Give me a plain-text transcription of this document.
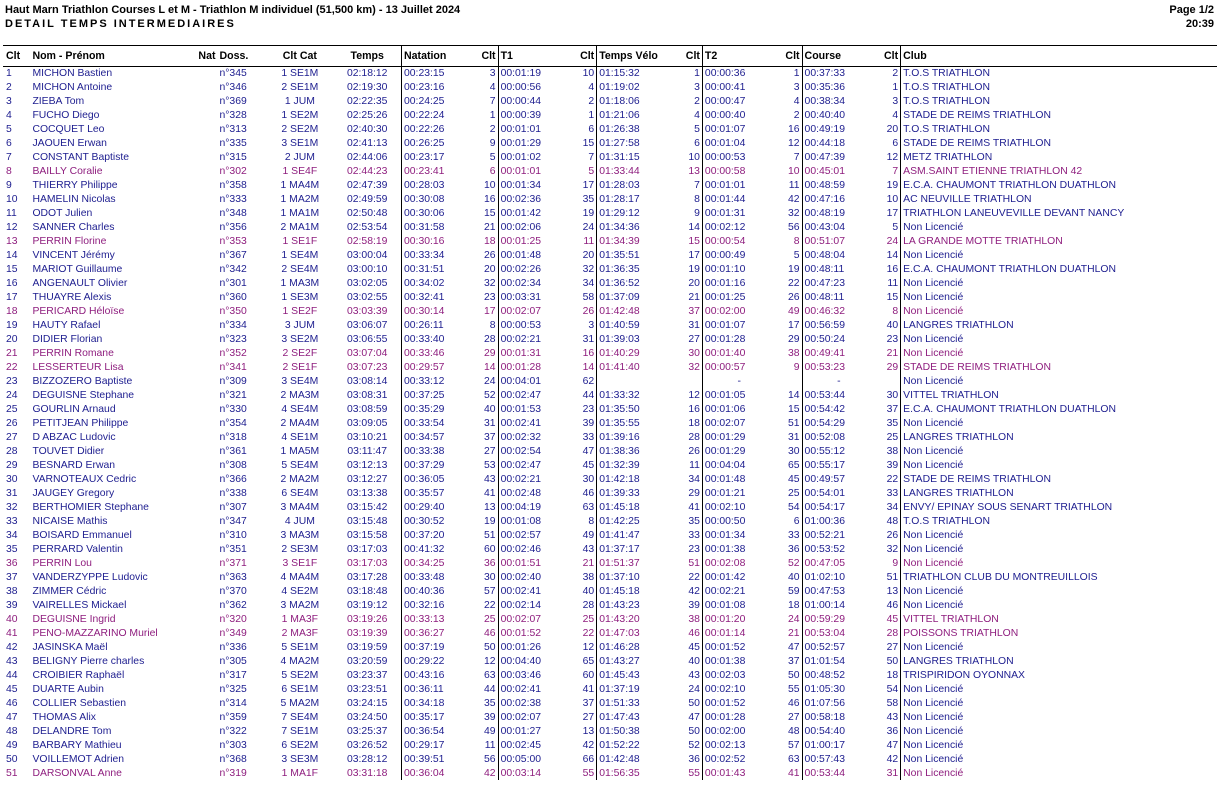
Haut Marn Triathlon Courses L et M - Triathlon M individuel (51,500 km) - 13 Juillet 2024
DETAIL TEMPS INTERMEDIAIRES
Page 1/2
20:39
Clt	Nom - Prénom	Nat	Doss.	Clt Cat	Temps	Natation	Clt	T1	Clt	Temps Vélo	Clt	T2	Clt	Course	Clt	Club
1	MICHON Bastien		n°345	1 SE1M	02:18:12	00:23:15	3	00:01:19	10	01:15:32	1	00:00:36	1	00:37:33	2	T.O.S TRIATHLON
2	MICHON Antoine		n°346	2 SE1M	02:19:30	00:23:16	4	00:00:56	4	01:19:02	3	00:00:41	3	00:35:36	1	T.O.S TRIATHLON
3	ZIEBA Tom		n°369	1 JUM	02:22:35	00:24:25	7	00:00:44	2	01:18:06	2	00:00:47	4	00:38:34	3	T.O.S TRIATHLON
4	FUCHO Diego		n°328	1 SE2M	02:25:26	00:22:24	1	00:00:39	1	01:21:06	4	00:00:40	2	00:40:40	4	STADE DE REIMS TRIATHLON
5	COCQUET Leo		n°313	2 SE2M	02:40:30	00:22:26	2	00:01:01	6	01:26:38	5	00:01:07	16	00:49:19	20	T.O.S TRIATHLON
6	JAOUEN Erwan		n°335	3 SE1M	02:41:13	00:26:25	9	00:01:29	15	01:27:58	6	00:01:04	12	00:44:18	6	STADE DE REIMS TRIATHLON
7	CONSTANT Baptiste		n°315	2 JUM	02:44:06	00:23:17	5	00:01:02	7	01:31:15	10	00:00:53	7	00:47:39	12	METZ TRIATHLON
8	BAILLY Coralie		n°302	1 SE4F	02:44:23	00:23:41	6	00:01:01	5	01:33:44	13	00:00:58	10	00:45:01	7	ASM.SAINT ETIENNE TRIATHLON 42
9	THIERRY Philippe		n°358	1 MA4M	02:47:39	00:28:03	10	00:01:34	17	01:28:03	7	00:01:01	11	00:48:59	19	E.C.A. CHAUMONT TRIATHLON DUATHLON
10	HAMELIN Nicolas		n°333	1 MA2M	02:49:59	00:30:08	16	00:02:36	35	01:28:17	8	00:01:44	42	00:47:16	10	AC NEUVILLE TRIATHLON
11	ODOT Julien		n°348	1 MA1M	02:50:48	00:30:06	15	00:01:42	19	01:29:12	9	00:01:31	32	00:48:19	17	TRIATHLON LANEUVEVILLE DEVANT NANCY
12	SANNER Charles		n°356	2 MA1M	02:53:54	00:31:58	21	00:02:06	24	01:34:36	14	00:02:12	56	00:43:04	5	Non Licencié
13	PERRIN Florine		n°353	1 SE1F	02:58:19	00:30:16	18	00:01:25	11	01:34:39	15	00:00:54	8	00:51:07	24	LA GRANDE MOTTE TRIATHLON
14	VINCENT Jérémy		n°367	1 SE4M	03:00:04	00:33:34	26	00:01:48	20	01:35:51	17	00:00:49	5	00:48:04	14	Non Licencié
15	MARIOT Guillaume		n°342	2 SE4M	03:00:10	00:31:51	20	00:02:26	32	01:36:35	19	00:01:10	19	00:48:11	16	E.C.A. CHAUMONT TRIATHLON DUATHLON
16	ANGENAULT Olivier		n°301	1 MA3M	03:02:05	00:34:02	32	00:02:34	34	01:36:52	20	00:01:16	22	00:47:23	11	Non Licencié
17	THUAYRE Alexis		n°360	1 SE3M	03:02:55	00:32:41	23	00:03:31	58	01:37:09	21	00:01:25	26	00:48:11	15	Non Licencié
18	PERICARD Héloïse		n°350	1 SE2F	03:03:39	00:30:14	17	00:02:07	26	01:42:48	37	00:02:00	49	00:46:32	8	Non Licencié
19	HAUTY Rafael		n°334	3 JUM	03:06:07	00:26:11	8	00:00:53	3	01:40:59	31	00:01:07	17	00:56:59	40	LANGRES TRIATHLON
20	DIDIER Florian		n°323	3 SE2M	03:06:55	00:33:40	28	00:02:21	31	01:39:03	27	00:01:28	29	00:50:24	23	Non Licencié
21	PERRIN Romane		n°352	2 SE2F	03:07:04	00:33:46	29	00:01:31	16	01:40:29	30	00:01:40	38	00:49:41	21	Non Licencié
22	LESSERTEUR Lisa		n°341	2 SE1F	03:07:23	00:29:57	14	00:01:28	14	01:41:40	32	00:00:57	9	00:53:23	29	STADE DE REIMS TRIATHLON
23	BIZZOZERO Baptiste		n°309	3 SE4M	03:08:14	00:33:12	24	00:04:01	62			-		-		Non Licencié
24	DEGUISNE Stephane		n°321	2 MA3M	03:08:31	00:37:25	52	00:02:47	44	01:33:32	12	00:01:05	14	00:53:44	30	VITTEL TRIATHLON
25	GOURLIN Arnaud		n°330	4 SE4M	03:08:59	00:35:29	40	00:01:53	23	01:35:50	16	00:01:06	15	00:54:42	37	E.C.A. CHAUMONT TRIATHLON DUATHLON
26	PETITJEAN Philippe		n°354	2 MA4M	03:09:05	00:33:54	31	00:02:41	39	01:35:55	18	00:02:07	51	00:54:29	35	Non Licencié
27	D ABZAC Ludovic		n°318	4 SE1M	03:10:21	00:34:57	37	00:02:32	33	01:39:16	28	00:01:29	31	00:52:08	25	LANGRES TRIATHLON
28	TOUVET Didier		n°361	1 MA5M	03:11:47	00:33:38	27	00:02:54	47	01:38:36	26	00:01:29	30	00:55:12	38	Non Licencié
29	BESNARD Erwan		n°308	5 SE4M	03:12:13	00:37:29	53	00:02:47	45	01:32:39	11	00:04:04	65	00:55:17	39	Non Licencié
30	VARNOTEAUX Cedric		n°366	2 MA2M	03:12:27	00:36:05	43	00:02:21	30	01:42:18	34	00:01:48	45	00:49:57	22	STADE DE REIMS TRIATHLON
31	JAUGEY Gregory		n°338	6 SE4M	03:13:38	00:35:57	41	00:02:48	46	01:39:33	29	00:01:21	25	00:54:01	33	LANGRES TRIATHLON
32	BERTHOMIER Stephane		n°307	3 MA4M	03:15:42	00:29:40	13	00:04:19	63	01:45:18	41	00:02:10	54	00:54:17	34	ENVY/ EPINAY SOUS SENART TRIATHLON
33	NICAISE Mathis		n°347	4 JUM	03:15:48	00:30:52	19	00:01:08	8	01:42:25	35	00:00:50	6	01:00:36	48	T.O.S TRIATHLON
34	BOISARD Emmanuel		n°310	3 MA3M	03:15:58	00:37:20	51	00:02:57	49	01:41:47	33	00:01:34	33	00:52:21	26	Non Licencié
35	PERRARD Valentin		n°351	2 SE3M	03:17:03	00:41:32	60	00:02:46	43	01:37:17	23	00:01:38	36	00:53:52	32	Non Licencié
36	PERRIN Lou		n°371	3 SE1F	03:17:03	00:34:25	36	00:01:51	21	01:51:37	51	00:02:08	52	00:47:05	9	Non Licencié
37	VANDERZYPPE Ludovic		n°363	4 MA4M	03:17:28	00:33:48	30	00:02:40	38	01:37:10	22	00:01:42	40	01:02:10	51	TRIATHLON CLUB DU MONTREUILLOIS
38	ZIMMER Cédric		n°370	4 SE2M	03:18:48	00:40:36	57	00:02:41	40	01:45:18	42	00:02:21	59	00:47:53	13	Non Licencié
39	VAIRELLES Mickael		n°362	3 MA2M	03:19:12	00:32:16	22	00:02:14	28	01:43:23	39	00:01:08	18	01:00:14	46	Non Licencié
40	DEGUISNE Ingrid		n°320	1 MA3F	03:19:26	00:33:13	25	00:02:07	25	01:43:20	38	00:01:20	24	00:59:29	45	VITTEL TRIATHLON
41	PENO-MAZZARINO Muriel		n°349	2 MA3F	03:19:39	00:36:27	46	00:01:52	22	01:47:03	46	00:01:14	21	00:53:04	28	POISSONS TRIATHLON
42	JASINSKA Maël		n°336	5 SE1M	03:19:59	00:37:19	50	00:01:26	12	01:46:28	45	00:01:52	47	00:52:57	27	Non Licencié
43	BELIGNY Pierre charles		n°305	4 MA2M	03:20:59	00:29:22	12	00:04:40	65	01:43:27	40	00:01:38	37	01:01:54	50	LANGRES TRIATHLON
44	CROIBIER Raphaël		n°317	5 SE2M	03:23:37	00:43:16	63	00:03:46	60	01:45:43	43	00:02:03	50	00:48:52	18	TRISPIRIDON OYONNAX
45	DUARTE Aubin		n°325	6 SE1M	03:23:51	00:36:11	44	00:02:41	41	01:37:19	24	00:02:10	55	01:05:30	54	Non Licencié
46	COLLIER Sebastien		n°314	5 MA2M	03:24:15	00:34:18	35	00:02:38	37	01:51:33	50	00:01:52	46	01:07:56	58	Non Licencié
47	THOMAS Alix		n°359	7 SE4M	03:24:50	00:35:17	39	00:02:07	27	01:47:43	47	00:01:28	27	00:58:18	43	Non Licencié
48	DELANDRE Tom		n°322	7 SE1M	03:25:37	00:36:54	49	00:01:27	13	01:50:38	50	00:02:00	48	00:54:40	36	Non Licencié
49	BARBARY Mathieu		n°303	6 SE2M	03:26:52	00:29:17	11	00:02:45	42	01:52:22	52	00:02:13	57	01:00:17	47	Non Licencié
50	VOILLEMOT Adrien		n°368	3 SE3M	03:28:12	00:39:51	56	00:05:00	66	01:42:48	36	00:02:52	63	00:57:43	42	Non Licencié
51	DARSONVAL Anne		n°319	1 MA1F	03:31:18	00:36:04	42	00:03:14	55	01:56:35	55	00:01:43	41	00:53:44	31	Non Licencié
